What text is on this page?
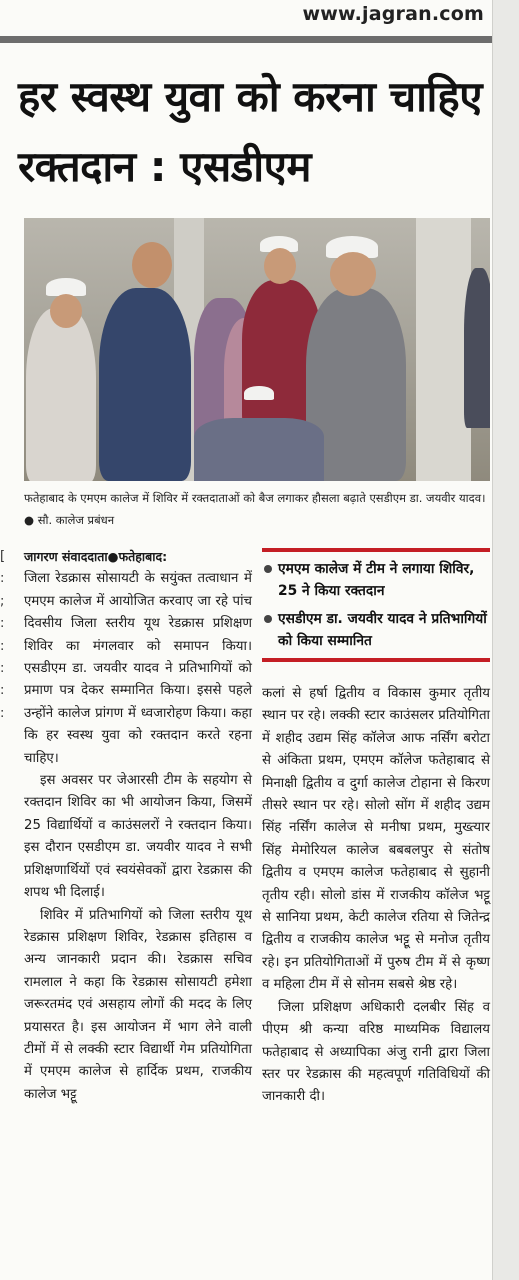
www.jagran.com
हर स्वस्थ युवा को करना चाहिए रक्तदान : एसडीएम
फतेहाबाद के एमएम कालेज में शिविर में रक्तदाताओं को बैज लगाकर हौसला बढ़ाते एसडीएम डा. जयवीर यादव। ● सौ. कालेज प्रबंधन
[
:
;
:
:
:
:
:
जागरण संवाददाता●फतेहाबाद:

जिला रेडक्रास सोसायटी के सयुंक्त तत्वाधान में एमएम कालेज में आयोजित करवाए जा रहे पांच दिवसीय जिला स्तरीय यूथ रेडक्रास प्रशिक्षण शिविर का मंगलवार को समापन किया। एसडीएम डा. जयवीर यादव ने प्रतिभागियों को प्रमाण पत्र देकर सम्मानित किया। इससे पहले उन्होंने कालेज प्रांगण में ध्वजारोहण किया। कहा कि हर स्वस्थ युवा को रक्तदान करते रहना चाहिए।

इस अवसर पर जेआरसी टीम के सहयोग से रक्तदान शिविर का भी आयोजन किया, जिसमें 25 विद्यार्थियों व काउंसलरों ने रक्तदान किया। इस दौरान एसडीएम डा. जयवीर यादव ने सभी प्रशिक्षणार्थियों एवं स्वयंसेवकों द्वारा रेडक्रास की शपथ भी दिलाई।

शिविर में प्रतिभागियों को जिला स्तरीय यूथ रेडक्रास प्रशिक्षण शिविर, रेडक्रास इतिहास व अन्य जानकारी प्रदान की। रेडक्रास सचिव रामलाल ने कहा कि रेडक्रास सोसायटी हमेशा जरूरतमंद एवं असहाय लोगों की मदद के लिए प्रयासरत है। इस आयोजन में भाग लेने वाली टीमों में से लक्की स्टार विद्यार्थी गेम प्रतियोगिता में एमएम कालेज से हार्दिक प्रथम, राजकीय कालेज भट्टू

एमएम कालेज में टीम ने लगाया शिविर, 25 ने किया रक्तदान
एसडीएम डा. जयवीर यादव ने प्रतिभागियों को किया सम्मानित

कलां से हर्षा द्वितीय व विकास कुमार तृतीय स्थान पर रहे। लक्की स्टार काउंसलर प्रतियोगिता में शहीद उद्यम सिंह कॉलेज आफ नर्सिंग बरोटा से अंकिता प्रथम, एमएम कॉलेज फतेहाबाद से मिनाक्षी द्वितीय व दुर्गा कालेज टोहाना से किरण तीसरे स्थान पर रहे। सोलो सोंग में शहीद उद्यम सिंह नर्सिंग कालेज से मनीषा प्रथम, मुख्त्यार सिंह मेमोरियल कालेज बबबलपुर से संतोष द्वितीय व एमएम कालेज फतेहाबाद से सुहानी तृतीय रही। सोलो डांस में राजकीय कॉलेज भट्टू से सानिया प्रथम, केटी कालेज रतिया से जितेन्द्र द्वितीय व राजकीय कालेज भट्टू से मनोज तृतीय रहे। इन प्रतियोगिताओं में पुरुष टीम में से कृष्ण व महिला टीम में से सोनम सबसे श्रेष्ठ रहे।

जिला प्रशिक्षण अधिकारी दलबीर सिंह व पीएम श्री कन्या वरिष्ठ माध्यमिक विद्यालय फतेहाबाद से अध्यापिका अंजु रानी द्वारा जिला स्तर पर रेडक्रास की महत्वपूर्ण गतिविधियों की जानकारी दी।
